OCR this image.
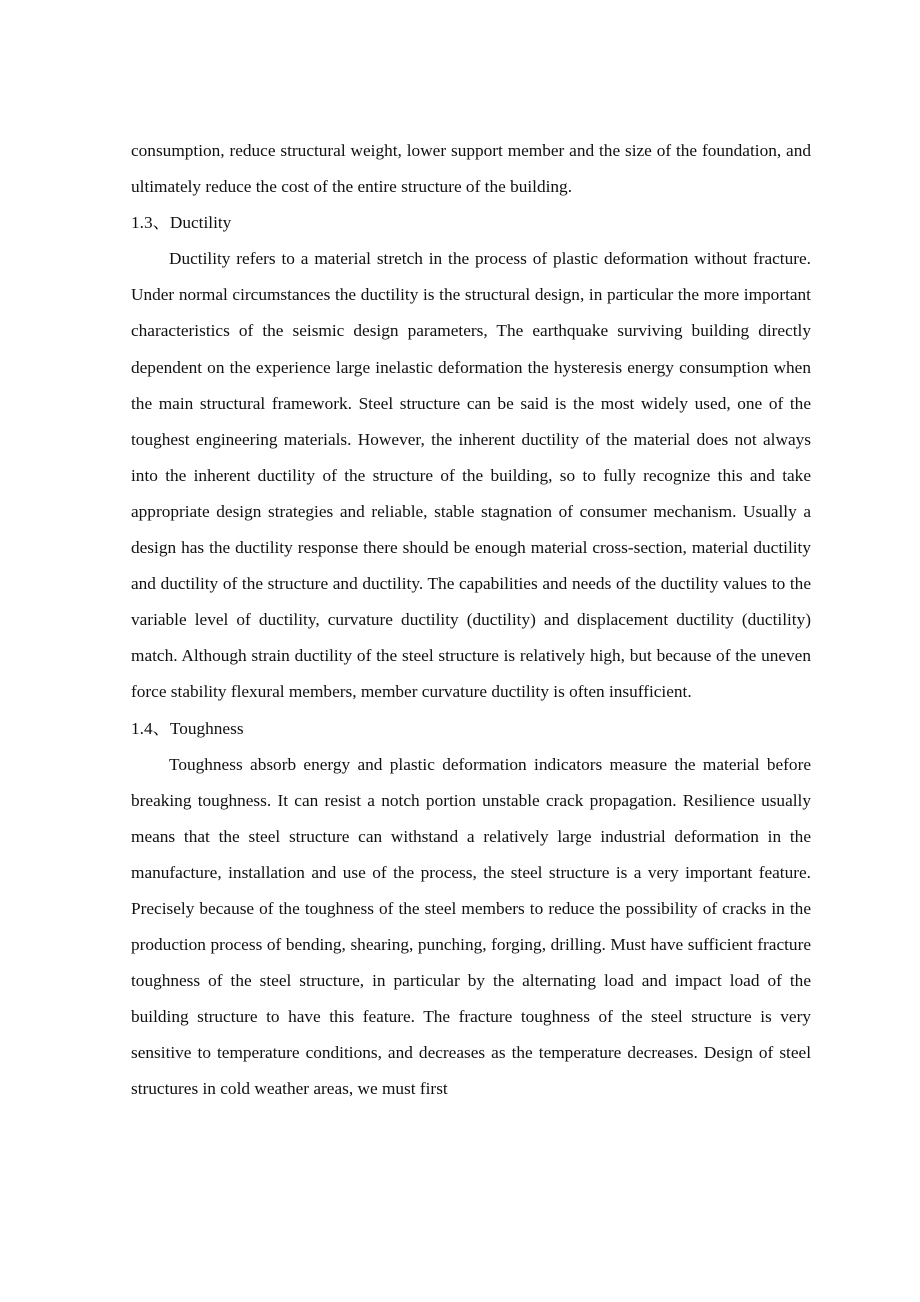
consumption, reduce structural weight, lower support member and the size of the foundation, and ultimately reduce the cost of the entire structure of the building.

1.3、Ductility

Ductility refers to a material stretch in the process of plastic deformation without fracture. Under normal circumstances the ductility is the structural design, in particular the more important characteristics of the seismic design parameters, The earthquake surviving building directly dependent on the experience large inelastic deformation the hysteresis energy consumption when the main structural framework. Steel structure can be said is the most widely used, one of the toughest engineering materials. However, the inherent ductility of the material does not always into the inherent ductility of the structure of the building, so to fully recognize this and take appropriate design strategies and reliable, stable stagnation of consumer mechanism. Usually a design has the ductility response there should be enough material cross-section, material ductility and ductility of the structure and ductility. The capabilities and needs of the ductility values to the variable level of ductility, curvature ductility (ductility) and displacement ductility (ductility) match. Although strain ductility of the steel structure is relatively high, but because of the uneven force stability flexural members, member curvature ductility is often insufficient.

1.4、Toughness

Toughness absorb energy and plastic deformation indicators measure the material before breaking toughness. It can resist a notch portion unstable crack propagation. Resilience usually means that the steel structure can withstand a relatively large industrial deformation in the manufacture, installation and use of the process, the steel structure is a very important feature. Precisely because of the toughness of the steel members to reduce the possibility of cracks in the production process of bending, shearing, punching, forging, drilling. Must have sufficient fracture toughness of the steel structure, in particular by the alternating load and impact load of the building structure to have this feature. The fracture toughness of the steel structure is very sensitive to temperature conditions, and decreases as the temperature decreases. Design of steel structures in cold weather areas, we must first
